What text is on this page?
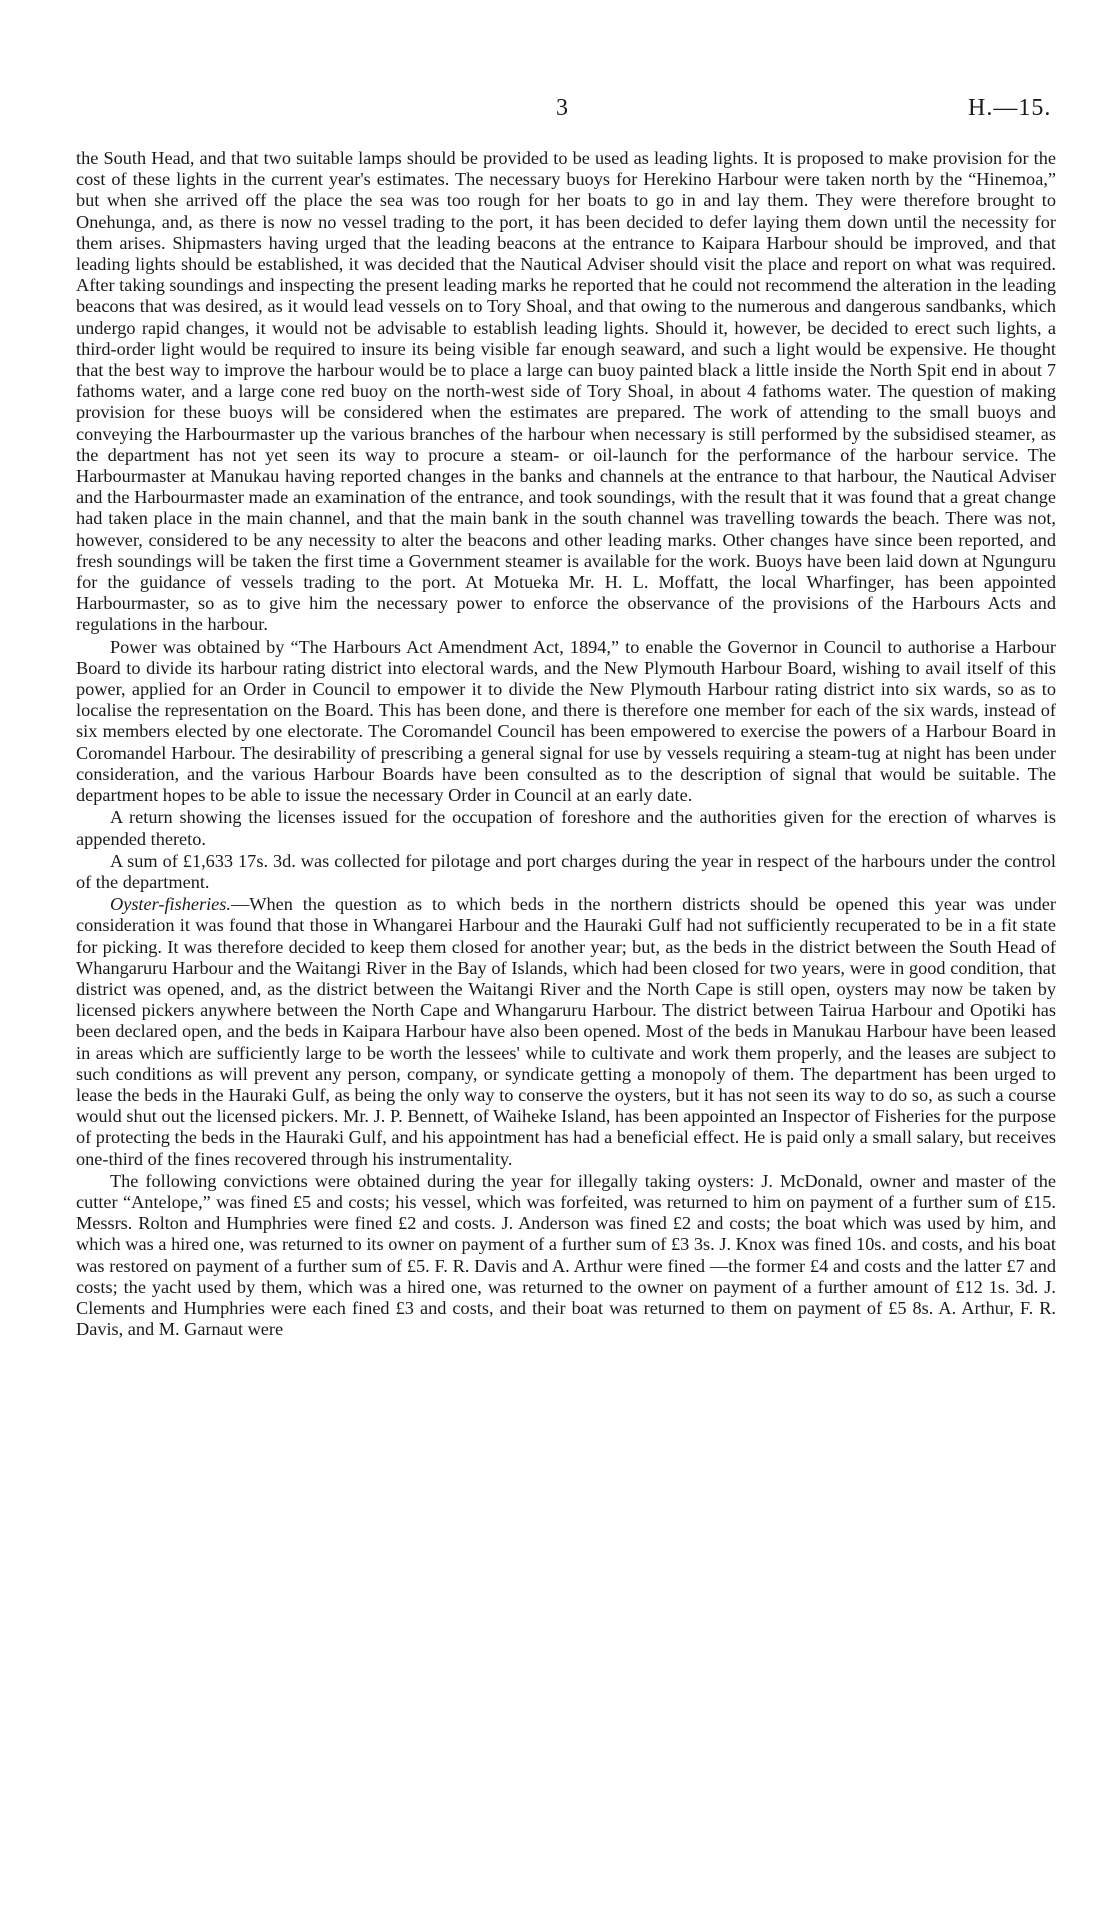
3	H.—15.

the South Head, and that two suitable lamps should be provided to be used as leading lights. It is proposed to make provision for the cost of these lights in the current year's estimates. The necessary buoys for Herekino Harbour were taken north by the “Hinemoa,” but when she arrived off the place the sea was too rough for her boats to go in and lay them. They were therefore brought to Onehunga, and, as there is now no vessel trading to the port, it has been decided to defer laying them down until the necessity for them arises. Shipmasters having urged that the leading beacons at the entrance to Kaipara Harbour should be improved, and that leading lights should be established, it was decided that the Nautical Adviser should visit the place and report on what was required. After taking soundings and inspecting the present leading marks he reported that he could not recommend the alteration in the leading beacons that was desired, as it would lead vessels on to Tory Shoal, and that owing to the numerous and dangerous sandbanks, which undergo rapid changes, it would not be advisable to establish leading lights. Should it, however, be decided to erect such lights, a third-order light would be required to insure its being visible far enough seaward, and such a light would be expensive. He thought that the best way to improve the harbour would be to place a large can buoy painted black a little inside the North Spit end in about 7 fathoms water, and a large cone red buoy on the north-west side of Tory Shoal, in about 4 fathoms water. The question of making provision for these buoys will be considered when the estimates are prepared. The work of attending to the small buoys and conveying the Harbourmaster up the various branches of the harbour when necessary is still performed by the subsidised steamer, as the department has not yet seen its way to procure a steam- or oil-launch for the performance of the harbour service. The Harbourmaster at Manukau having reported changes in the banks and channels at the entrance to that harbour, the Nautical Adviser and the Harbourmaster made an examination of the entrance, and took soundings, with the result that it was found that a great change had taken place in the main channel, and that the main bank in the south channel was travelling towards the beach. There was not, however, considered to be any necessity to alter the beacons and other leading marks. Other changes have since been reported, and fresh soundings will be taken the first time a Government steamer is available for the work. Buoys have been laid down at Ngunguru for the guidance of vessels trading to the port. At Motueka Mr. H. L. Moffatt, the local Wharfinger, has been appointed Harbourmaster, so as to give him the necessary power to enforce the observance of the provisions of the Harbours Acts and regulations in the harbour.

Power was obtained by “The Harbours Act Amendment Act, 1894,” to enable the Governor in Council to authorise a Harbour Board to divide its harbour rating district into electoral wards, and the New Plymouth Harbour Board, wishing to avail itself of this power, applied for an Order in Council to empower it to divide the New Plymouth Harbour rating district into six wards, so as to localise the representation on the Board. This has been done, and there is therefore one member for each of the six wards, instead of six members elected by one electorate. The Coromandel Council has been empowered to exercise the powers of a Harbour Board in Coromandel Harbour. The desirability of prescribing a general signal for use by vessels requiring a steam-tug at night has been under consideration, and the various Harbour Boards have been consulted as to the description of signal that would be suitable. The department hopes to be able to issue the necessary Order in Council at an early date.

A return showing the licenses issued for the occupation of foreshore and the authorities given for the erection of wharves is appended thereto.

A sum of £1,633 17s. 3d. was collected for pilotage and port charges during the year in respect of the harbours under the control of the department.

Oyster-fisheries.—When the question as to which beds in the northern districts should be opened this year was under consideration it was found that those in Whangarei Harbour and the Hauraki Gulf had not sufficiently recuperated to be in a fit state for picking. It was therefore decided to keep them closed for another year; but, as the beds in the district between the South Head of Whangaruru Harbour and the Waitangi River in the Bay of Islands, which had been closed for two years, were in good condition, that district was opened, and, as the district between the Waitangi River and the North Cape is still open, oysters may now be taken by licensed pickers anywhere between the North Cape and Whangaruru Harbour. The district between Tairua Harbour and Opotiki has been declared open, and the beds in Kaipara Harbour have also been opened. Most of the beds in Manukau Harbour have been leased in areas which are sufficiently large to be worth the lessees' while to cultivate and work them properly, and the leases are subject to such conditions as will prevent any person, company, or syndicate getting a monopoly of them. The department has been urged to lease the beds in the Hauraki Gulf, as being the only way to conserve the oysters, but it has not seen its way to do so, as such a course would shut out the licensed pickers. Mr. J. P. Bennett, of Waiheke Island, has been appointed an Inspector of Fisheries for the purpose of protecting the beds in the Hauraki Gulf, and his appointment has had a beneficial effect. He is paid only a small salary, but receives one-third of the fines recovered through his instrumentality.

The following convictions were obtained during the year for illegally taking oysters: J. McDonald, owner and master of the cutter “Antelope,” was fined £5 and costs; his vessel, which was forfeited, was returned to him on payment of a further sum of £15. Messrs. Rolton and Humphries were fined £2 and costs. J. Anderson was fined £2 and costs; the boat which was used by him, and which was a hired one, was returned to its owner on payment of a further sum of £3 3s. J. Knox was fined 10s. and costs, and his boat was restored on payment of a further sum of £5. F. R. Davis and A. Arthur were fined —the former £4 and costs and the latter £7 and costs; the yacht used by them, which was a hired one, was returned to the owner on payment of a further amount of £12 1s. 3d. J. Clements and Humphries were each fined £3 and costs, and their boat was returned to them on payment of £5 8s. A. Arthur, F. R. Davis, and M. Garnaut were
